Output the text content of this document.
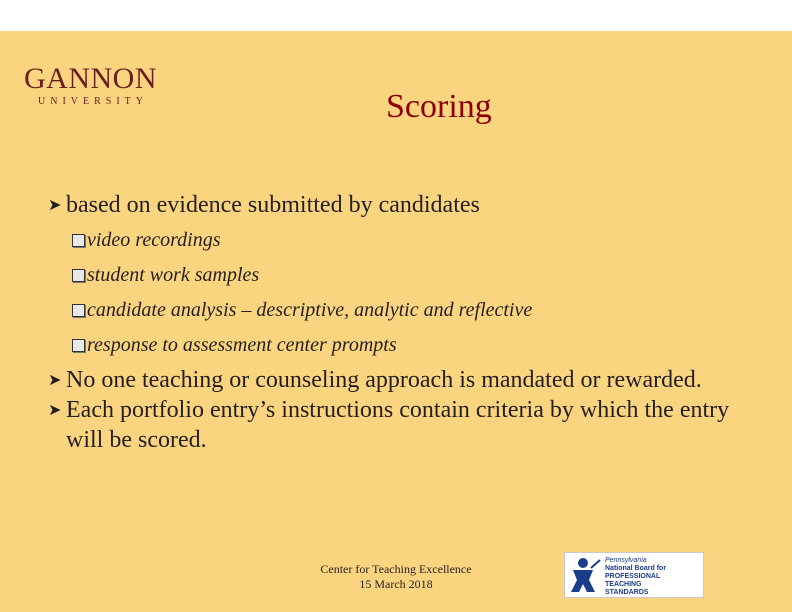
GANNON
UNIVERSITY	Scoring
➤ based on evidence submitted by candidates
video recordings
student work samples
candidate analysis – descriptive, analytic and reflective
response to assessment center prompts
➤ No one teaching or counseling approach is mandated or rewarded.
➤ Each portfolio entry’s instructions contain criteria by which the entry will be scored.
Center for Teaching Excellence
15 March 2018
Pennsylvania
National Board for
PROFESSIONAL
TEACHING
STANDARDS
